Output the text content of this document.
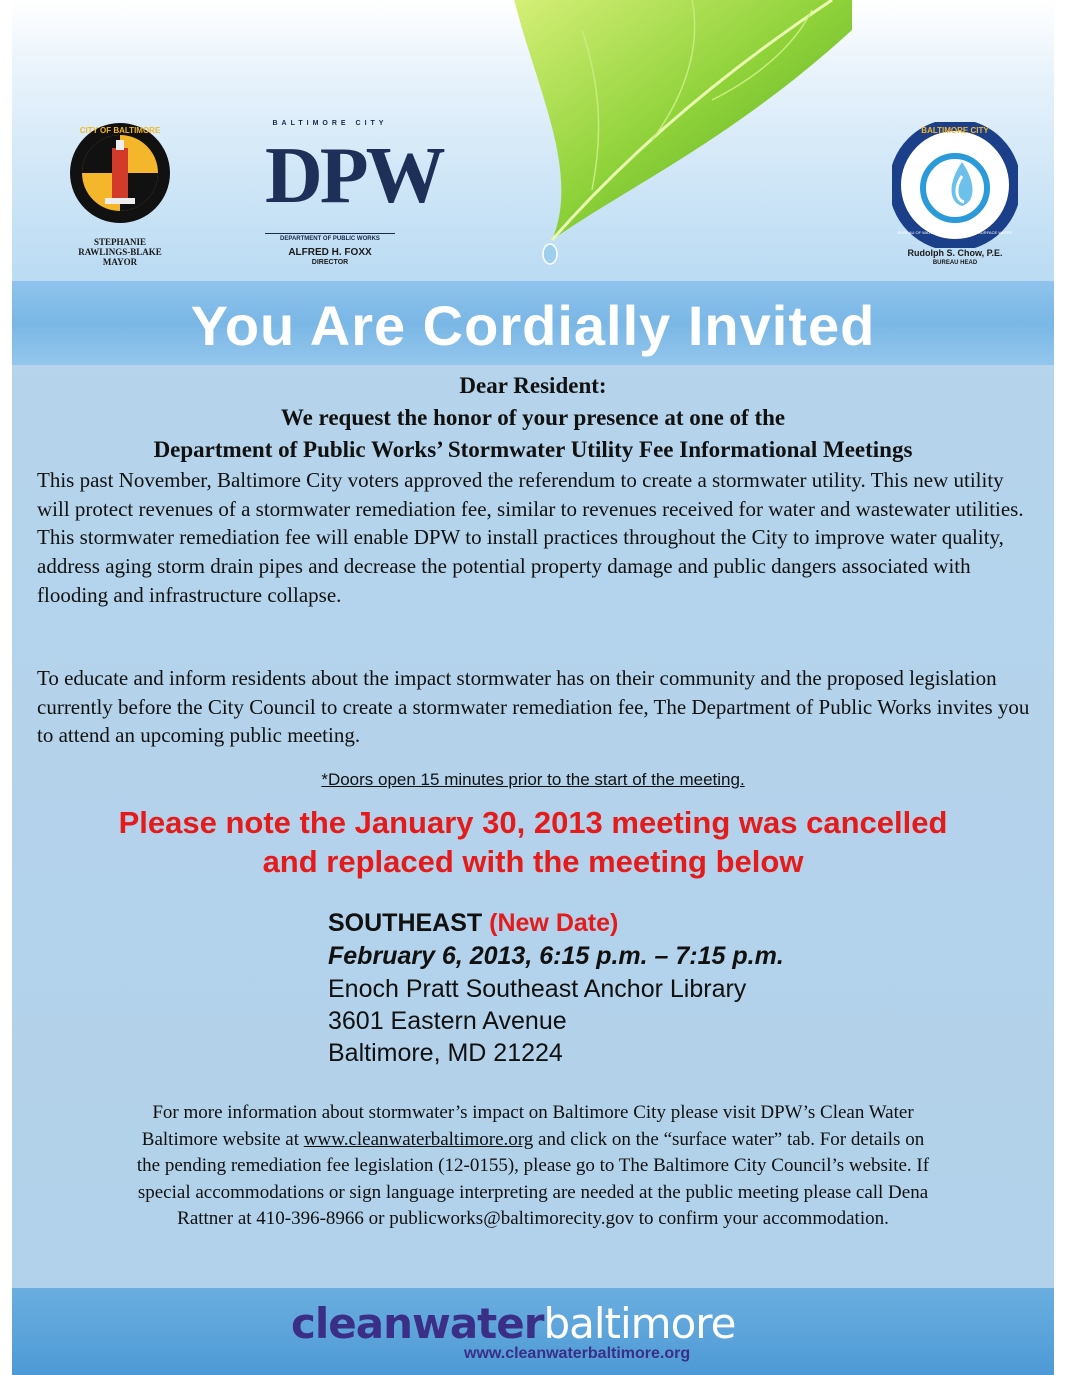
CITY OF BALTIMORE
STEPHANIE
RAWLINGS-BLAKE
MAYOR
BALTIMORE CITY
DPW
DEPARTMENT OF PUBLIC WORKS
ALFRED H. FOXX
DIRECTOR
BALTIMORE CITY
BUREAU OF WATER AND WASTEWATER · SURFACE WATER
Rudolph S. Chow, P.E.
BUREAU HEAD
You Are Cordially Invited
Dear Resident:
We request the honor of your presence at one of the
Department of Public Works’ Stormwater Utility Fee Informational Meetings
This past November, Baltimore City voters approved the referendum to create a stormwater utility. This new utility will protect revenues of a stormwater remediation fee, similar to revenues received for water and wastewater utilities. This stormwater remediation fee will enable DPW to install practices throughout the City to improve water quality, address aging storm drain pipes and decrease the potential property damage and public dangers associated with flooding and infrastructure collapse.
To educate and inform residents about the impact stormwater has on their community and the proposed legislation currently before the City Council to create a stormwater remediation fee, The Department of Public Works invites you to attend an upcoming public meeting.
*Doors open 15 minutes prior to the start of the meeting.
Please note the January 30, 2013 meeting was cancelled
and replaced with the meeting below
SOUTHEAST (New Date)
February 6, 2013, 6:15 p.m. – 7:15 p.m.
Enoch Pratt Southeast Anchor Library
3601 Eastern Avenue
Baltimore, MD 21224
For more information about stormwater’s impact on Baltimore City please visit DPW’s Clean Water
Baltimore website at www.cleanwaterbaltimore.org and click on the “surface water” tab. For details on
the pending remediation fee legislation (12-0155), please go to The Baltimore City Council’s website. If
special accommodations or sign language interpreting are needed at the public meeting please call Dena
Rattner at 410-396-8966 or publicworks@baltimorecity.gov to confirm your accommodation.
cleanwaterbaltimore
www.cleanwaterbaltimore.org
